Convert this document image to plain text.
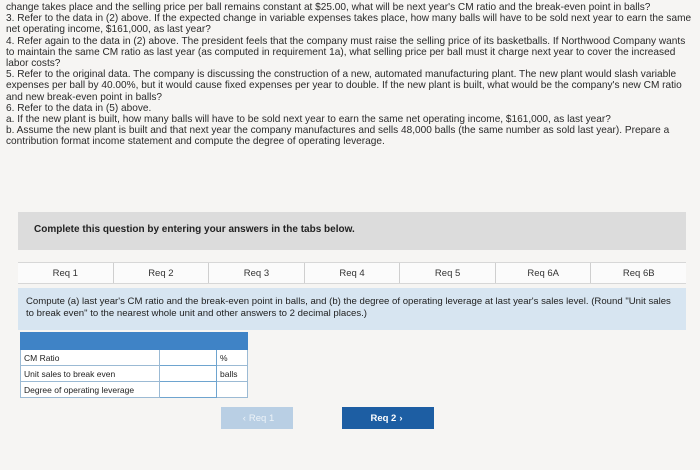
change takes place and the selling price per ball remains constant at $25.00, what will be next year's CM ratio and the break-even point in balls?

3. Refer to the data in (2) above. If the expected change in variable expenses takes place, how many balls will have to be sold next year to earn the same net operating income, $161,000, as last year?

4. Refer again to the data in (2) above. The president feels that the company must raise the selling price of its basketballs. If Northwood Company wants to maintain the same CM ratio as last year (as computed in requirement 1a), what selling price per ball must it charge next year to cover the increased labor costs?

5. Refer to the original data. The company is discussing the construction of a new, automated manufacturing plant. The new plant would slash variable expenses per ball by 40.00%, but it would cause fixed expenses per year to double. If the new plant is built, what would be the company's new CM ratio and new break-even point in balls?

6. Refer to the data in (5) above.

a. If the new plant is built, how many balls will have to be sold next year to earn the same net operating income, $161,000, as last year?

b. Assume the new plant is built and that next year the company manufactures and sells 48,000 balls (the same number as sold last year). Prepare a contribution format income statement and compute the degree of operating leverage.

Complete this question by entering your answers in the tabs below.
Req 1	Req 2	Req 3	Req 4	Req 5	Req 6A	Req 6B
Compute (a) last year's CM ratio and the break-even point in balls, and (b) the degree of operating leverage at last year's sales level. (Round "Unit sales to break even" to the nearest whole unit and other answers to 2 decimal places.)

CM Ratio		%
Unit sales to break even		balls
Degree of operating leverage		
‹ Req 1	Req 2 ›
